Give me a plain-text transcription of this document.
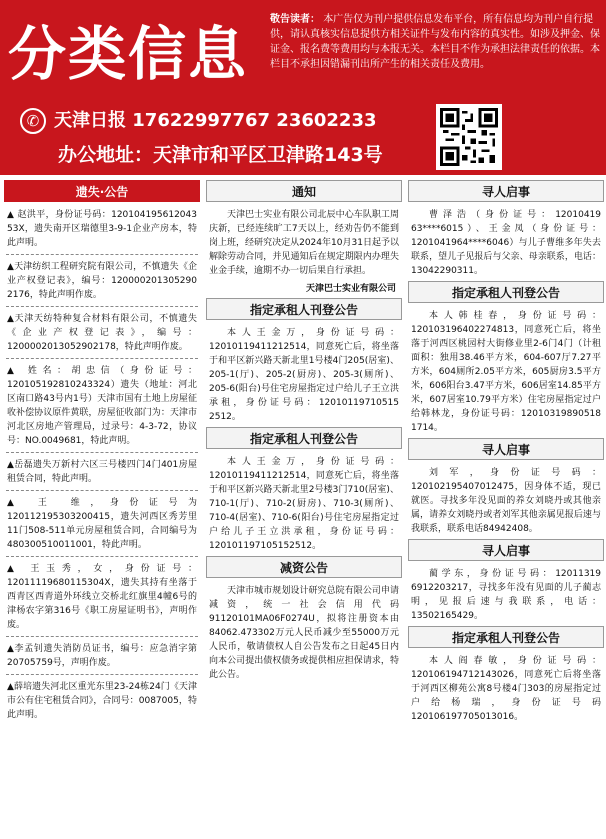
分类信息
敬告读者： 本广告仅为刊户提供信息发布平台，所有信息均为刊户自行提供，请认真核实信息提供方相关证件与发布内容的真实性。如涉及押金、保证金、报名费等费用均与本报无关。本栏目不作为承担法律责任的依据。本栏目不承担因错漏刊出所产生的相关责任及费用。
✆ 天津日报 17622997767 23602233
办公地址：天津市和平区卫津路143号
遗失·公告
▲ 赵洪平，身份证号码：120104195612043​53X，遗失南开区瑞德里3-9-1企业产房本，特此声明。
▲天津纺织工程研究院有限公司，不慎遗失《企业产权登记表》，编号：120000201305290​2176，特此声明作废。
▲天津天纺特种复合材料有限公司，不慎遗失《企业产权登记表》，编号：120000201305290​2178，特此声明作废。
▲ 姓名：胡忠信（身份证号：120105192810243​324）遗失（地址：河北区南口路43号内1号）天津市国有土地上房屋征收补偿协议原件黄联，房屋征收部门为：天津市河北区房地产管理局，过录号：4-3-72，协议号：NO.0049681，特此声明。
▲岳磊遗失万新村六区三号楼四门4门401房屋租赁合同，特此声明。
▲ 王 维，身份证号为120112195303200415，遗失河西区秀芳里11门508-511单元房屋租赁合同，合同编号为480300510011001，特此声明。
▲ 王玉秀，女，身份证号：120111196801153​04X，遗失其持有坐落于西青区西青道外环线立交桥北红旗里4幢6号的津杨农字第316号《职工房屋证明书》，声明作废。
▲李孟钊遗失消防员证书，编号：应急消字第20705759号，声明作废。
▲薛培遗失河北区重光东里23-24栋24门《天津市公有住宅租赁合同》，合同号：0087005，特此声明。
通知
天津巴士实业有限公司北辰中心车队职工周庆新，已经连续旷工7天以上，经劝告仍不能到岗上班，经研究决定从2024年10月31日起予以解除劳动合同，并见通知后在规定期限内办理失业金手续，逾期不办一切后果自行承担。
天津巴士实业有限公司
指定承租人刊登公告
本人王金万，身份证号码：120101194112125​14，同意死亡后，将坐落于和平区新兴路天新北里1号楼4门205(居室)、205-1(厅)、205-2(厨房)、205-3(厕所)、205-6(阳台)号住宅房屋指定过户给儿子王立洪承租，身份证号码：12010119710515​2512。
指定承租人刊登公告
本人王金万，身份证号码：120101194112125​14，同意死亡后，将坐落于和平区新兴路天新北里2号楼3门710(居室)、710-1(厅)、710-2(厨房)、710-3(厕所)、710-4(居室)、710-6(阳台)号住宅房屋指定过户给儿子王立洪承租，身份证号码：12010119710515​2512。
减资公告
天津市城市规划设计研究总院有限公司申请减资，统一社会信用代码91120101MA06F0274U，拟将注册资本由84062.473302万元人民币减少至55000万元人民币，敬请债权人自公告发布之日起45日内向本公司提出债权债务或提供相应担保请求，特此公告。
寻人启事
曹泽浩（身份证号：12010419​63****6015）、王金凤（身份证号：12010419​64****6046）与儿子曹维多年失去联系，望儿子见报后与父亲、母亲联系，电话：13042290311。
指定承租人刊登公告
本人韩桂春，身份证号码：120103196402274813，同意死亡后，将坐落于河西区桃园村大街修业里2-6门4门（计租面积：独用38.46平方米，604-607厅7.27平方米，604厕所2.05平方米，605厨房3.5平方米，606阳台3.47平方米，606居室14.85平方米，607居室10.79平方米）住宅房屋指定过户给韩林龙，身份证号码：12010319890518​1714。
寻人启事
刘军，身份证号码：120102195407012475，因身体不适，现已就医。寻找多年没见面的养女刘晓丹或其他亲属，请养女刘晓丹或者刘军其他亲属见报后速与我联系，联系电话84942408。
寻人启事
蔺学东，身份证号码：12011319​6912203217，寻找多年没有见面的儿子蔺志明，见报后速与我联系，电话：13502165429。
指定承租人刊登公告
本人阎春敏，身份证号码：120106194712143026，同意死亡后将坐落于河西区柳苑公寓8号楼4门303的房屋指定过户给杨瑞，身份证号码120106197705013016。
